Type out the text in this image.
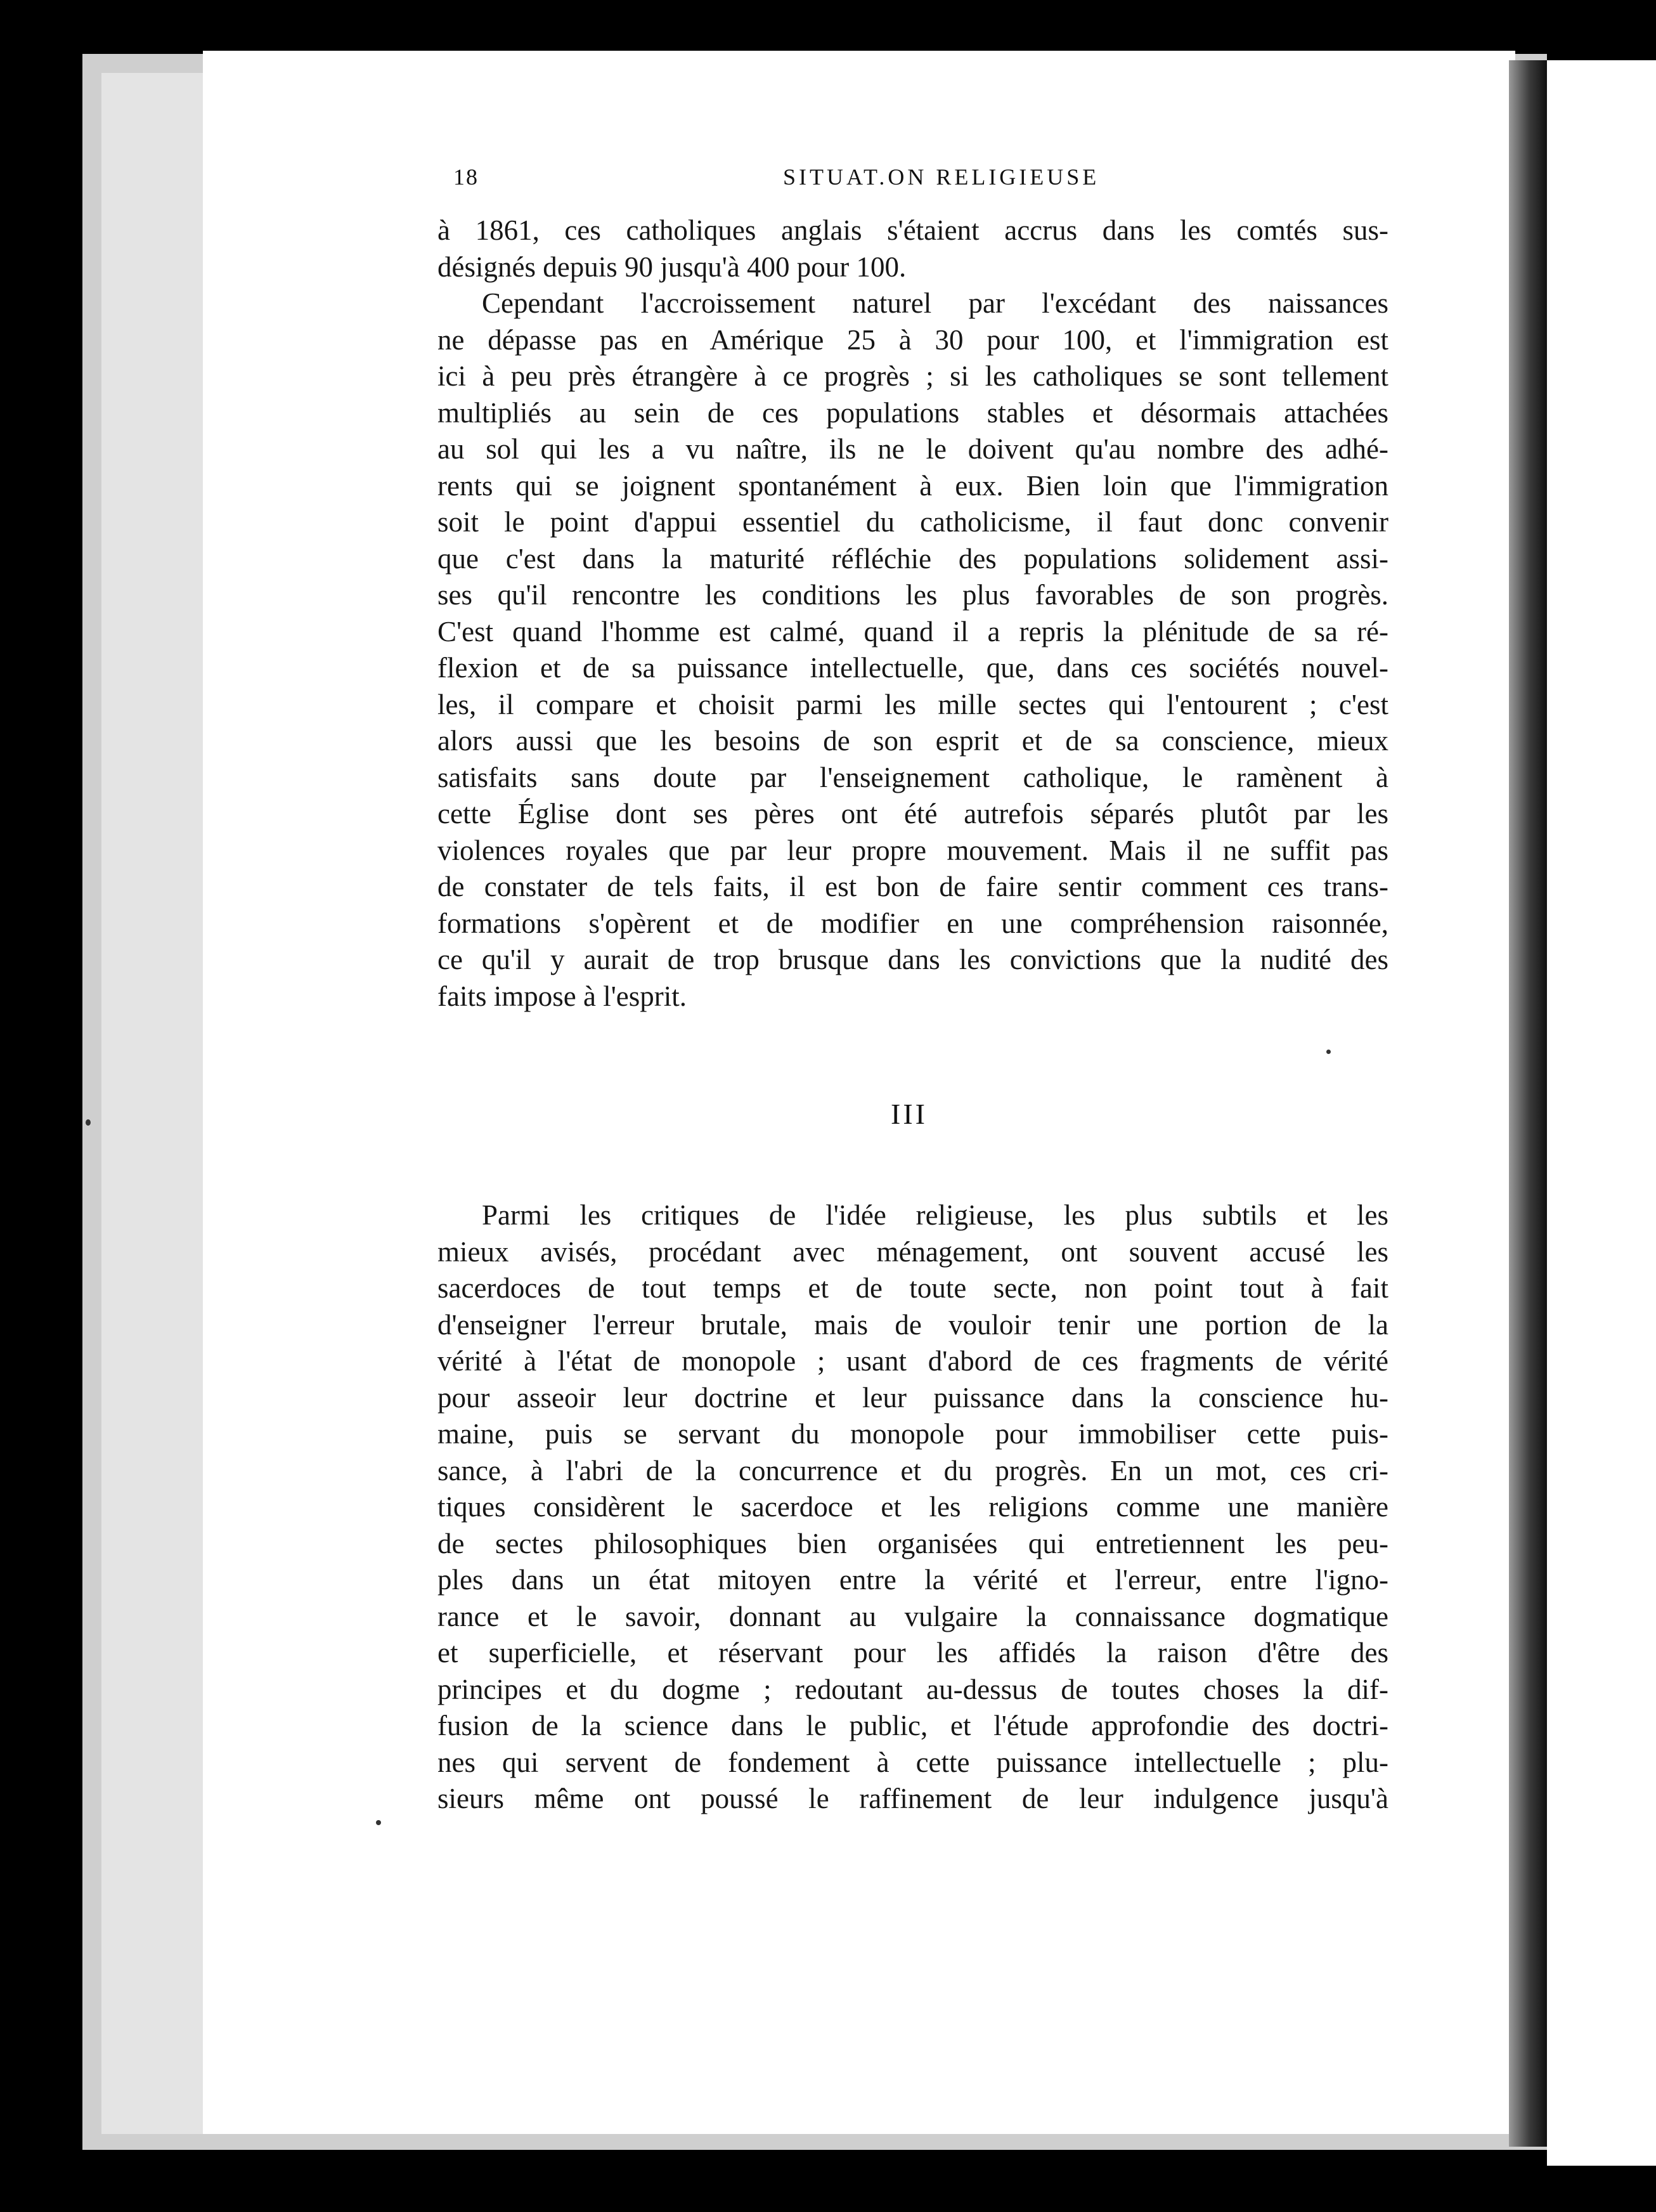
18	SITUAT.ON RELIGIEUSE
à 1861, ces catholiques anglais s'étaient accrus dans les comtés sus-
désignés depuis 90 jusqu'à 400 pour 100.
Cependant l'accroissement naturel par l'excédant des naissances
ne dépasse pas en Amérique 25 à 30 pour 100, et l'immigration est
ici à peu près étrangère à ce progrès ; si les catholiques se sont tellement
multipliés au sein de ces populations stables et désormais attachées
au sol qui les a vu naître, ils ne le doivent qu'au nombre des adhé-
rents qui se joignent spontanément à eux. Bien loin que l'immigration
soit le point d'appui essentiel du catholicisme, il faut donc convenir
que c'est dans la maturité réfléchie des populations solidement assi-
ses qu'il rencontre les conditions les plus favorables de son progrès.
C'est quand l'homme est calmé, quand il a repris la plénitude de sa ré-
flexion et de sa puissance intellectuelle, que, dans ces sociétés nouvel-
les, il compare et choisit parmi les mille sectes qui l'entourent ; c'est
alors aussi que les besoins de son esprit et de sa conscience, mieux
satisfaits sans doute par l'enseignement catholique, le ramènent à
cette Église dont ses pères ont été autrefois séparés plutôt par les
violences royales que par leur propre mouvement. Mais il ne suffit pas
de constater de tels faits, il est bon de faire sentir comment ces trans-
formations s'opèrent et de modifier en une compréhension raisonnée,
ce qu'il y aurait de trop brusque dans les convictions que la nudité des
faits impose à l'esprit.
III
Parmi les critiques de l'idée religieuse, les plus subtils et les
mieux avisés, procédant avec ménagement, ont souvent accusé les
sacerdoces de tout temps et de toute secte, non point tout à fait
d'enseigner l'erreur brutale, mais de vouloir tenir une portion de la
vérité à l'état de monopole ; usant d'abord de ces fragments de vérité
pour asseoir leur doctrine et leur puissance dans la conscience hu-
maine, puis se servant du monopole pour immobiliser cette puis-
sance, à l'abri de la concurrence et du progrès. En un mot, ces cri-
tiques considèrent le sacerdoce et les religions comme une manière
de sectes philosophiques bien organisées qui entretiennent les peu-
ples dans un état mitoyen entre la vérité et l'erreur, entre l'igno-
rance et le savoir, donnant au vulgaire la connaissance dogmatique
et superficielle, et réservant pour les affidés la raison d'être des
principes et du dogme ; redoutant au-dessus de toutes choses la dif-
fusion de la science dans le public, et l'étude approfondie des doctri-
nes qui servent de fondement à cette puissance intellectuelle ; plu-
sieurs même ont poussé le raffinement de leur indulgence jusqu'à
